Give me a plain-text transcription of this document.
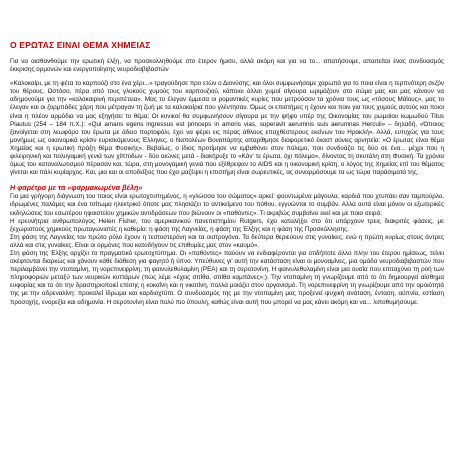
Ο ΕΡΩΤΑΣ ΕΙΝΑΙ ΘΕΜΑ ΧΗΜΕΙΑΣ

Για να αισθανθούμε την ερωτική έλξη, να προσκολληθούμε στο έτερον ήμισυ, αλλά ακόμη και για να το... απατήσουμε, απαιτείται ένας συνδυασμός έκκρισης ορμονών και ενεργοποίησης νευροδιαβιβαστών

«Καλοκαίρι, με τη φέτα το καρπούζι στο ένα χέρι...» τραγούδησε προ ετών ο Διονύσης, και όλοι συμφωνήσαμε χαρωπά για το ποια είναι η τερπνότερη σεζόν του θέρους. Ωστόσο, πέρα από τους γλυκούς χυμούς του καρπουζιού, κάποιοι άλλοι χυμοί σίγουρα ωριμάζουν στο σώμα μας και μας κάνουν να αδημονούμε για την «καλοκαιρινή περιπέτεια». Μας το έλεγαν έμμεσα οι ρομαντικές κυρίες που μετρούσαν τα χρόνια τους ως «τόσους Μάϊους», μας το έλεγαν και οι ζορμπάδες χάρη που μέτραγαν τη ζωή με τα καλοκαίρια που γλέντησαν. Όμως οι επιστήμες η έχουν και ποιν για τους χυμούς αυτούς και ποιοι είναι η πλέον αρμόδια να μας εξηγήσει το θέμα; Οι κυνικοί θα συμφωνήσουν σίγουρα με την ψήφο υπέρ της Οικονομίας του ρωμαίου κωμωδού Titus Plautus (254 – 184 π.Χ.): «Qui amans egens ingressus est princeps in amoris vias, superavit aerumnis suis aerumnas Herculi» – δηλαδή, «Όποιος ξανοίγεται στη λεωφόρο του έρωτα με άδειο πορτοφόλι, έχει να φέρει εις πέρας άθλους επαχθέστερους εκείνων του Ηρακλή». Αλλά, ευτυχώς για τους μονήμως ως οικονομικά κρίσιν ευρισκόμενους Έλληνες, ο Ναπολέων Βοναπάρτης απαρίθμησε διαφορετικό έκαστ αύνιες αρνητεία: «Ο έρωτας είναι θέμα Χημείας και η ερωτική πράξη θέμα Φυσικής». Βεβαίως, ο ίδιος προτίμησε να εμβαθύνει στον πόλεμο, που συνδυάζει τις δύο σε ένα... μέχρι που η φιλειρηνική και πολυγαμική γενιά των χίππιδων - δύο αιώνες μετά - διακήρυξε το «Κάν' τε έρωτα, όχι πόλεμο», δίνοντας τη σκυτάλη στη Φυσική. Τα χρόνια όμως του καταναλωτισμού πέρασαν και, τώρα, στη μονογαμική γενιά που εξέθρεψαν το AIDS και η οικονομική κρίση, ο λόγος της Χημείας επί του θέματος γίνεται και πάλι κυρίαρχος. Και, μια και οι αποδείξεις που έχει μαζέψει η επιστήμη είναι σωρευτικές, ας συναρμόσουμε τα ως τώρα παράσιματά της.

Η φαρέτρα με τα «φαρμακωμένα βέλη»

Για μια γρήγορη διάγνωση του ποιος είναι ερωτοχτυπημένος, η «γλώσσα του σώματος» αρκεί: φουντωμένα μάγουλα, καρδιά που χτυπάει σαν ταμπούρλο, ιδρωμένες παλάμες και ένα τσίτωμα ηλεκτρικό όποτε μας πλησιάζει το αντικείμενο του πόθου, εγγυώνται το συμβάν. Αλλά αυτά είναι μόνον οι εξωτερικές εκδηλώσεις του εσωτέρου ηφαιστείου χημικών αντιδράσεων που βιώνουν οι «παθόντες». Τι ακριβώς συμβαίνει εκεί και με ποια σειρά;
Η ερευνήτρια ανθρωπολόγος Helen Fisher, του αμερικανικού πανεπιστημίου Rutgers, έχει καταλήξει στο ότι υπάρχουν τρεις διακριτές φάσεις, με ξεχωριστούς χημικούς πρωταγωνιστές η καθεμία: η φάση της Λαγνείας, η φάση της Έλξης και η φάση της Προσκόλλησης.
Στη φάση της Λαγνείας τον πρώτο ρόλο έχουν η τεστοστερόνη και τα οιστρογόνα. Τα δεύτερα θεριεύουν στις γυναίκες, ενώ η πρώτη κυρίως στους άντρες αλλά και στις γυναίκες. Είναι οι ορμόνες που κατοδήγουν τις επιθυμίες μας στον «καυμό».
Στη φάση της Έλξης αρχίζει το πραγματικό ερωτοχτύπημα. Οι «παθόντες» παύουν να ενδιαφέρονται για οτιδήποτε άλλο πλην του έτερου ημίσεως, τείνει σκέφτονται διαρκώς και χάνουν κάθε διάθεση για φαγητό ή ύπνο. Υπεύθυνες γι' αυτή την κατάσταση είναι οι μονοαμίνες, μια ομάδα νευροδιαβιβαστών που περιλαμβάνει την ντοπαμίνη, τη νορεπινεφρίνη, τη φαινυλεθυλαμίνη (PEA) και τη σεροτονίνη. Η φαινυλεθυλαμίνη είναι μια ουσία που επιταχύνει τη ροή των πληροφοριών μεταξύ των νευρικών κυττάρων (πώς λέμε «έχεις σπίθα, σπίθα καμπάνες»;). Την ντοπαμίνη τη γνωρίζουμε από το ότι δημιουργεί αίσθημα ευφορίας και το ότι την δραστηριοποιεί επίσης η κοκαΐνη και η νικοτίνη, πολλά μοιάζει στον οργανισμό. Τη νορεπινεφρίνη τη γνωρίζουμε από την ομοιότητά της με την αδρεναλίνη: προκαλεί ίδρωμα και καρδιοχτύπι. Ο συνδυασμός της με την ντοπαμίνη μας προξενεί ψυχική ανάταση, ένταση, αϋπνία, εστίαση προσοχής, ενορεξία και αδημονία. Η σεροτονίνη είναι πολύ πιο ύπουλη, καθώς είναι αυτή που μπορεί να μας κάνει ακόμη και να... λιποθυμήσουμε.
